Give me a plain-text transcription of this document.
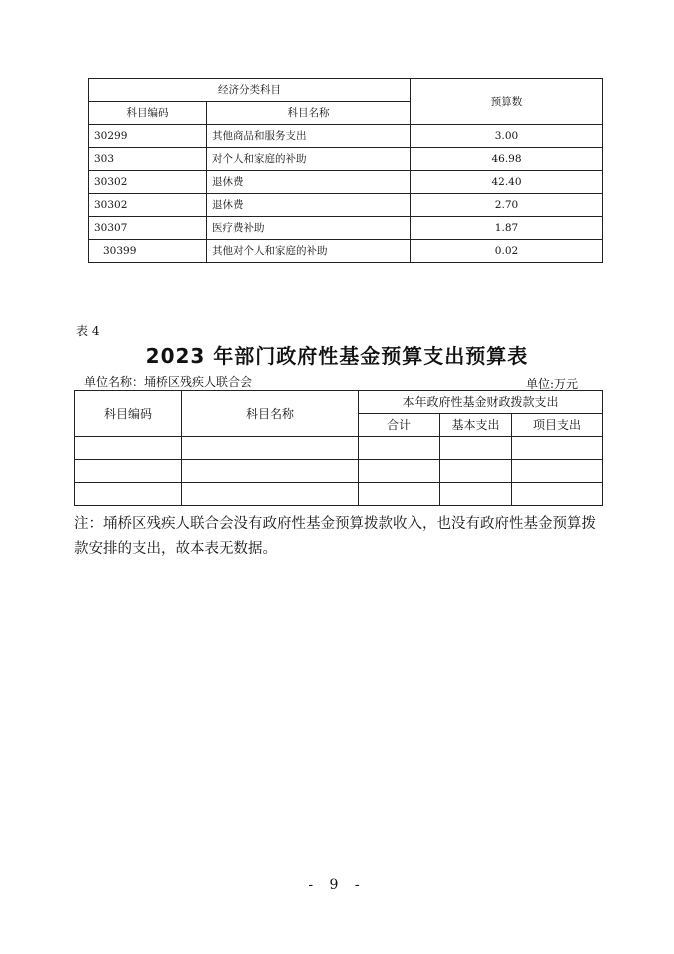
经济分类科目		预算数
科目编码	科目名称	
30299	其他商品和服务支出	3.00
303	对个人和家庭的补助	46.98
30302	退休费	42.40
30302	退休费	2.70
30307	医疗费补助	1.87
30399	其他对个人和家庭的补助	0.02
表 4
2023 年部门政府性基金预算支出预算表
单位名称：埇桥区残疾人联合会	单位:万元
科目编码	科目名称	本年政府性基金财政拨款支出		
		合计	基本支出	项目支出

注：埇桥区残疾人联合会没有政府性基金预算拨款收入，也没有政府性基金预算拨款安排的支出，故本表无数据。
- 9 -
